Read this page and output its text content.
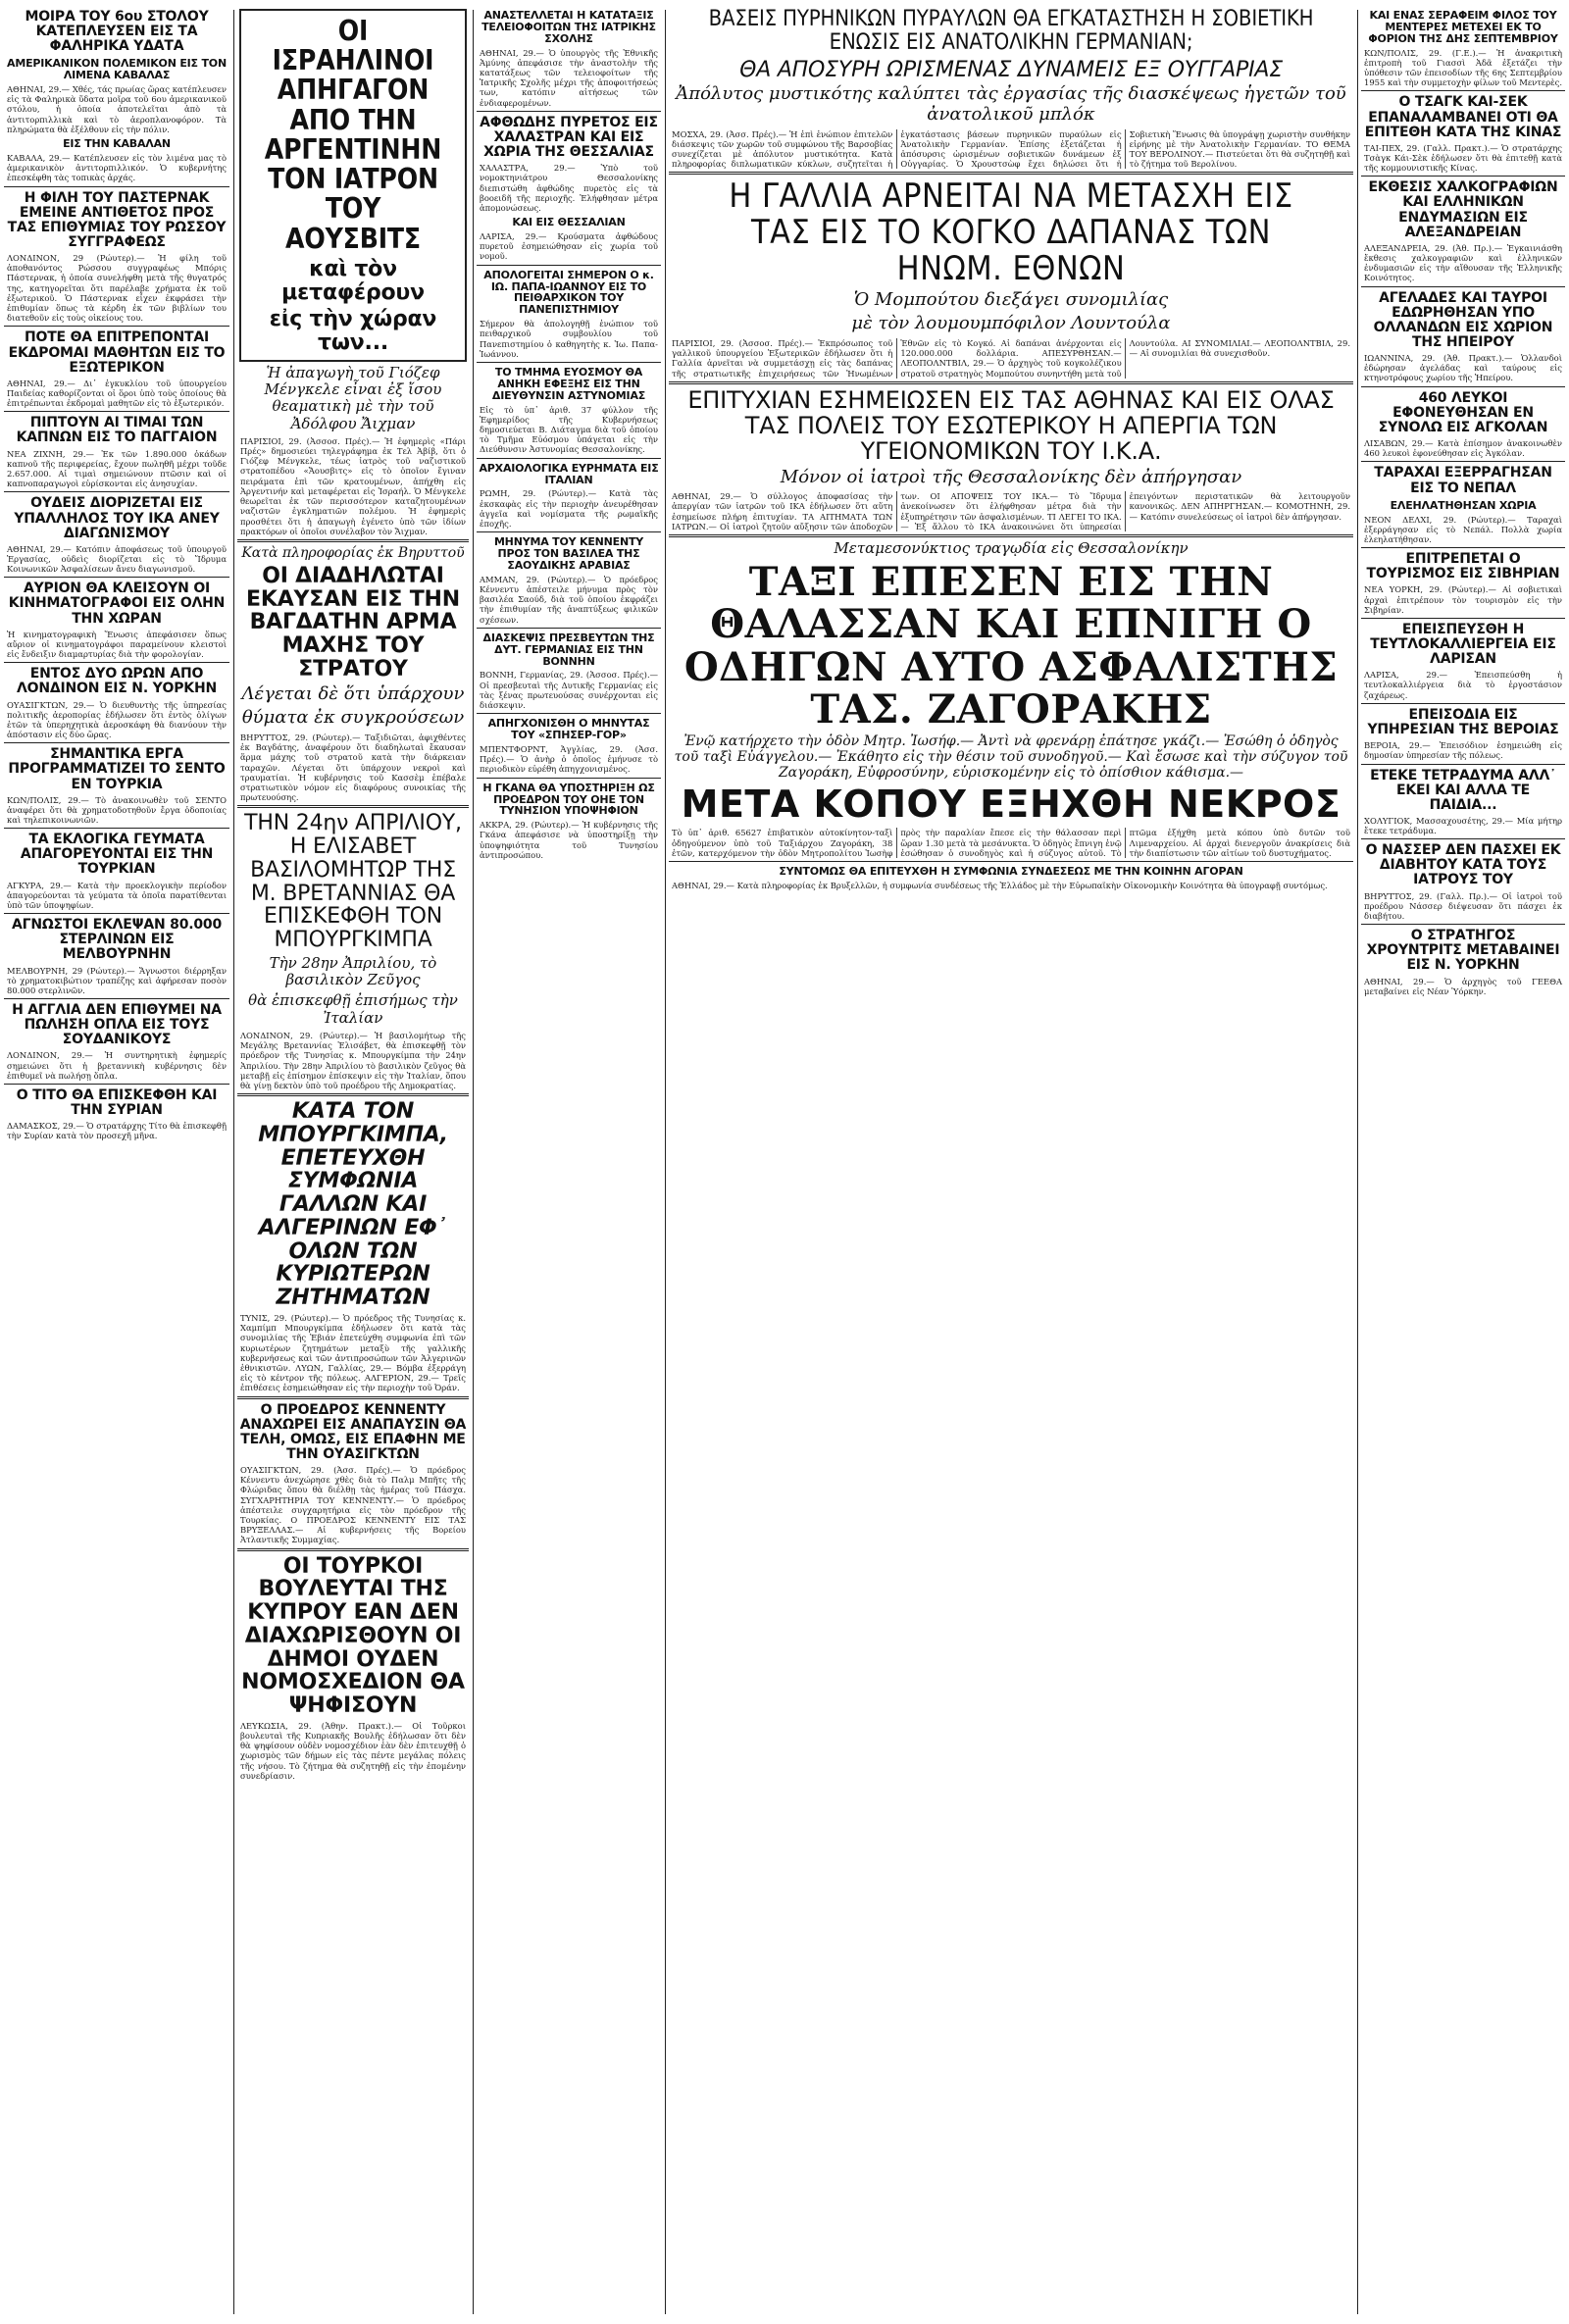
ΜΟΙΡΑ ΤΟΥ 6ου ΣΤΟΛΟΥ ΚΑΤΕΠΛΕΥΣΕΝ ΕΙΣ ΤΑ ΦΑΛΗΡΙΚΑ ΥΔΑΤΑ
ΑΜΕΡΙΚΑΝΙΚΟΝ ΠΟΛΕΜΙΚΟΝ ΕΙΣ ΤΟΝ ΛΙΜΕΝΑ ΚΑΒΑΛΑΣ
ΑΘΗΝΑΙ, 29.— Χθές, τάς πρωίας ὥρας κατέπλευσεν εἰς τὰ Φαληρικὰ ὕδατα μοῖρα τοῦ 6ου ἀμερικανικοῦ στόλου, ἡ ὁποία ἀποτελεῖται ἀπὸ τὰ ἀντιτορπιλλικὰ καὶ τὸ ἀεροπλανοφόρον. Τὰ πληρώματα θὰ ἐξέλθουν εἰς τὴν πόλιν.
ΕΙΣ ΤΗΝ ΚΑΒΑΛΑΝ
ΚΑΒΑΛΑ, 29.— Κατέπλευσεν εἰς τὸν λιμένα μας τὸ ἀμερικανικὸν ἀντιτορπιλλικόν. Ὁ κυβερνήτης ἐπεσκέφθη τὰς τοπικὰς ἀρχάς.
Η ΦΙΛΗ ΤΟΥ ΠΑΣΤΕΡΝΑΚ ΕΜΕΙΝΕ ΑΝΤΙΘΕΤΟΣ ΠΡΟΣ ΤΑΣ ΕΠΙΘΥΜΙΑΣ ΤΟΥ ΡΩΣΣΟΥ ΣΥΓΓΡΑΦΕΩΣ
ΛΟΝΔΙΝΟΝ, 29 (Ρώυτερ).— Ἡ φίλη τοῦ ἀποθανόντος Ρώσσου συγγραφέως Μπόρις Πάστερνακ, ἡ ὁποία συνελήφθη μετὰ τῆς θυγατρός της, κατηγορεῖται ὅτι παρέλαβε χρήματα ἐκ τοῦ ἐξωτερικοῦ. Ὁ Πάστερνακ εἶχεν ἐκφράσει τὴν ἐπιθυμίαν ὅπως τὰ κέρδη ἐκ τῶν βιβλίων του διατεθοῦν εἰς τοὺς οἰκείους του.
ΠΟΤΕ ΘΑ ΕΠΙΤΡΕΠΟΝΤΑΙ ΕΚΔΡΟΜΑΙ ΜΑΘΗΤΩΝ ΕΙΣ ΤΟ ΕΞΩΤΕΡΙΚΟΝ
ΑΘΗΝΑΙ, 29.— Δι᾽ ἐγκυκλίου τοῦ ὑπουργείου Παιδείας καθορίζονται οἱ ὅροι ὑπὸ τοὺς ὁποίους θὰ ἐπιτρέπωνται ἐκδρομαὶ μαθητῶν εἰς τὸ ἐξωτερικόν.
ΠΙΠΤΟΥΝ ΑΙ ΤΙΜΑΙ ΤΩΝ ΚΑΠΝΩΝ ΕΙΣ ΤΟ ΠΑΓΓΑΙΟΝ
ΝΕΑ ΖΙΧΝΗ, 29.— Ἐκ τῶν 1.890.000 ὀκάδων καπνοῦ τῆς περιφερείας, ἔχουν πωληθῆ μέχρι τοῦδε 2.657.000. Αἱ τιμαὶ σημειώνουν πτῶσιν καὶ οἱ καπνοπαραγωγοὶ εὑρίσκονται εἰς ἀνησυχίαν.
ΟΥΔΕΙΣ ΔΙΟΡΙΖΕΤΑΙ ΕΙΣ ΥΠΑΛΛΗΛΟΣ ΤΟΥ ΙΚΑ ΑΝΕΥ ΔΙΑΓΩΝΙΣΜΟΥ
ΑΘΗΝΑΙ, 29.— Κατόπιν ἀποφάσεως τοῦ ὑπουργοῦ Ἐργασίας, οὐδεὶς διορίζεται εἰς τὸ Ἵδρυμα Κοινωνικῶν Ἀσφαλίσεων ἄνευ διαγωνισμοῦ.
ΑΥΡΙΟΝ ΘΑ ΚΛΕΙΣΟΥΝ ΟΙ ΚΙΝΗΜΑΤΟΓΡΑΦΟΙ ΕΙΣ ΟΛΗΝ ΤΗΝ ΧΩΡΑΝ
Ἡ κινηματογραφικὴ Ἕνωσις ἀπεφάσισεν ὅπως αὔριον οἱ κινηματογράφοι παραμείνουν κλειστοὶ εἰς ἔνδειξιν διαμαρτυρίας διὰ τὴν φορολογίαν.
ΕΝΤΟΣ ΔΥΟ ΩΡΩΝ ΑΠΟ ΛΟΝΔΙΝΟΝ ΕΙΣ Ν. ΥΟΡΚΗΝ
ΟΥΑΣΙΓΚΤΩΝ, 29.— Ὁ διευθυντὴς τῆς ὑπηρεσίας πολιτικῆς ἀεροπορίας ἐδήλωσεν ὅτι ἐντὸς ὀλίγων ἐτῶν τὰ ὑπερηχητικὰ ἀεροσκάφη θὰ διανύουν τὴν ἀπόστασιν εἰς δύο ὥρας.
ΣΗΜΑΝΤΙΚΑ ΕΡΓΑ ΠΡΟΓΡΑΜΜΑΤΙΖΕΙ ΤΟ ΣΕΝΤΟ ΕΝ ΤΟΥΡΚΙΑ
ΚΩΝ/ΠΟΛΙΣ, 29.— Τὸ ἀνακοινωθὲν τοῦ ΣΕΝΤΟ ἀναφέρει ὅτι θὰ χρηματοδοτηθοῦν ἔργα ὁδοποιίας καὶ τηλεπικοινωνιῶν.
ΤΑ ΕΚΛΟΓΙΚΑ ΓΕΥΜΑΤΑ ΑΠΑΓΟΡΕΥΟΝΤΑΙ ΕΙΣ ΤΗΝ ΤΟΥΡΚΙΑΝ
ΑΓΚΥΡΑ, 29.— Κατὰ τὴν προεκλογικὴν περίοδον ἀπαγορεύονται τὰ γεύματα τὰ ὁποῖα παρατίθενται ὑπὸ τῶν ὑποψηφίων.
ΑΓΝΩΣΤΟΙ ΕΚΛΕΨΑΝ 80.000 ΣΤΕΡΛΙΝΩΝ ΕΙΣ ΜΕΛΒΟΥΡΝΗΝ
ΜΕΛΒΟΥΡΝΗ, 29 (Ρώυτερ).— Ἄγνωστοι διέρρηξαν τὸ χρηματοκιβώτιον τραπέζης καὶ ἀφήρεσαν ποσὸν 80.000 στερλινῶν.
Η ΑΓΓΛΙΑ ΔΕΝ ΕΠΙΘΥΜΕΙ ΝΑ ΠΩΛΗΣΗ ΟΠΛΑ ΕΙΣ ΤΟΥΣ ΣΟΥΔΑΝΙΚΟΥΣ
ΛΟΝΔΙΝΟΝ, 29.— Ἡ συντηρητικὴ ἐφημερίς σημειώνει ὅτι ἡ βρεταννικὴ κυβέρνησις δὲν ἐπιθυμεῖ νὰ πωλήσῃ ὅπλα.
Ο ΤΙΤΟ ΘΑ ΕΠΙΣΚΕΦΘΗ ΚΑΙ ΤΗΝ ΣΥΡΙΑΝ
ΔΑΜΑΣΚΟΣ, 29.— Ὁ στρατάρχης Τίτο θὰ ἐπισκεφθῇ τὴν Συρίαν κατὰ τὸν προσεχῆ μῆνα.
ΟΙ ΙΣΡΑΗΛΙΝΟΙ ΑΠΗΓΑΓΟΝ ΑΠΟ ΤΗΝ ΑΡΓΕΝΤΙΝΗΝ ΤΟΝ ΙΑΤΡΟΝ ΤΟΥ ΑΟΥΣΒΙΤΣ
καὶ τὸν μεταφέρουν
εἰς τὴν χώραν των...
Ἡ ἀπαγωγὴ τοῦ Γιόζεφ Μένγκελε εἶναι ἐξ ἴσου θεαματικὴ μὲ τὴν τοῦ Ἀδόλφου Ἄιχμαν
ΠΑΡΙΣΙΟΙ, 29. (Ἀσσοσ. Πρές).— Ἡ ἐφημερὶς «Πάρι Πρές» δημοσιεύει τηλεγράφημα ἐκ Τελ Ἀβίβ, ὅτι ὁ Γιόζεφ Μένγκελε, τέως ἰατρὸς τοῦ ναζιστικοῦ στρατοπέδου «Ἄουσβιτς» εἰς τὸ ὁποῖον ἔγιναν πειράματα ἐπὶ τῶν κρατουμένων, ἀπήχθη εἰς Ἀργεντινήν καὶ μεταφέρεται εἰς Ἰσραήλ. Ὁ Μένγκελε θεωρεῖται ἐκ τῶν περισσότερον καταζητουμένων ναζιστῶν ἐγκληματιῶν πολέμου. Ἡ ἐφημερὶς προσθέτει ὅτι ἡ ἀπαγωγὴ ἐγένετο ὑπὸ τῶν ἰδίων πρακτόρων οἱ ὁποῖοι συνέλαβον τὸν Ἄιχμαν.
Κατὰ πληροφορίας ἐκ Βηρυττοῦ
ΟΙ ΔΙΑΔΗΛΩΤΑΙ ΕΚΑΥΣΑΝ ΕΙΣ ΤΗΝ ΒΑΓΔΑΤΗΝ ΑΡΜΑ ΜΑΧΗΣ ΤΟΥ ΣΤΡΑΤΟΥ
Λέγεται δὲ ὅτι ὑπάρχουν
θύματα ἐκ συγκρούσεων
ΒΗΡΥΤΤΟΣ, 29. (Ρώυτερ).— Ταξιδιῶται, ἀφιχθέντες ἐκ Βαγδάτης, ἀναφέρουν ὅτι διαδηλωταὶ ἔκαυσαν ἅρμα μάχης τοῦ στρατοῦ κατὰ τὴν διάρκειαν ταραχῶν. Λέγεται ὅτι ὑπάρχουν νεκροὶ καὶ τραυματίαι. Ἡ κυβέρνησις τοῦ Κασσὲμ ἐπέβαλε στρατιωτικὸν νόμον εἰς διαφόρους συνοικίας τῆς πρωτευούσης.
ΤΗΝ 24ην ΑΠΡΙΛΙΟΥ, Η ΕΛΙΣΑΒΕΤ ΒΑΣΙΛΟΜΗΤΩΡ ΤΗΣ Μ. ΒΡΕΤΑΝΝΙΑΣ ΘΑ ΕΠΙΣΚΕΦΘΗ ΤΟΝ ΜΠΟΥΡΓΚΙΜΠΑ
Τὴν 28ην Ἀπριλίου, τὸ βασιλικὸν Ζεῦγος
θὰ ἐπισκεφθῇ ἐπισήμως τὴν Ἰταλίαν
ΛΟΝΔΙΝΟΝ, 29. (Ρώυτερ).— Ἡ βασιλομήτωρ τῆς Μεγάλης Βρεταννίας Ἐλισάβετ, θὰ ἐπισκεφθῇ τὸν πρόεδρον τῆς Τυνησίας κ. Μπουργκίμπα τὴν 24ην Ἀπριλίου. Τὴν 28ην Ἀπριλίου τὸ βασιλικὸν ζεῦγος θὰ μεταβῇ εἰς ἐπίσημον ἐπίσκεψιν εἰς τὴν Ἰταλίαν, ὅπου θὰ γίνῃ δεκτὸν ὑπὸ τοῦ προέδρου τῆς Δημοκρατίας.
ΚΑΤΑ ΤΟΝ ΜΠΟΥΡΓΚΙΜΠΑ, ΕΠΕΤΕΥΧΘΗ ΣΥΜΦΩΝΙΑ ΓΑΛΛΩΝ ΚΑΙ ΑΛΓΕΡΙΝΩΝ ΕΦ᾽ ΟΛΩΝ ΤΩΝ ΚΥΡΙΩΤΕΡΩΝ ΖΗΤΗΜΑΤΩΝ
ΤΥΝΙΣ, 29. (Ρώυτερ).— Ὁ πρόεδρος τῆς Τυνησίας κ. Χαμπίμπ Μπουργκίμπα ἐδήλωσεν ὅτι κατὰ τὰς συνομιλίας τῆς Ἐβιάν ἐπετεύχθη συμφωνία ἐπὶ τῶν κυριωτέρων ζητημάτων μεταξὺ τῆς γαλλικῆς κυβερνήσεως καὶ τῶν ἀντιπροσώπων τῶν Ἀλγερινῶν ἐθνικιστῶν. ΛΥΩΝ, Γαλλίας, 29.— Βόμβα ἐξερράγη εἰς τὸ κέντρον τῆς πόλεως. ΑΛΓΕΡΙΟΝ, 29.— Τρεῖς ἐπιθέσεις ἐσημειώθησαν εἰς τὴν περιοχὴν τοῦ Ὀράν.
Ο ΠΡΟΕΔΡΟΣ ΚΕΝΝΕΝΤΥ ΑΝΑΧΩΡΕΙ ΕΙΣ ΑΝΑΠΑΥΣΙΝ ΘΑ ΤΕΛΗ, ΟΜΩΣ, ΕΙΣ ΕΠΑΦΗΝ ΜΕ ΤΗΝ ΟΥΑΣΙΓΚΤΩΝ
ΟΥΑΣΙΓΚΤΩΝ, 29. (Ἀσσ. Πρές).— Ὁ πρόεδρος Κέννεντυ ἀνεχώρησε χθὲς διὰ τὸ Παλμ Μπῆτς τῆς Φλώριδας ὅπου θὰ διέλθῃ τὰς ἡμέρας τοῦ Πάσχα. ΣΥΓΧΑΡΗΤΗΡΙΑ ΤΟΥ ΚΕΝΝΕΝΤΥ.— Ὁ πρόεδρος ἀπέστειλε συγχαρητήρια εἰς τὸν πρόεδρον τῆς Τουρκίας. Ο ΠΡΟΕΔΡΟΣ ΚΕΝΝΕΝΤΥ ΕΙΣ ΤΑΣ ΒΡΥΞΕΛΛΑΣ.— Αἱ κυβερνήσεις τῆς Βορείου Ἀτλαντικῆς Συμμαχίας.
ΟΙ ΤΟΥΡΚΟΙ ΒΟΥΛΕΥΤΑΙ ΤΗΣ ΚΥΠΡΟΥ ΕΑΝ ΔΕΝ ΔΙΑΧΩΡΙΣΘΟΥΝ ΟΙ ΔΗΜΟΙ ΟΥΔΕΝ ΝΟΜΟΣΧΕΔΙΟΝ ΘΑ ΨΗΦΙΣΟΥΝ
ΛΕΥΚΩΣΙΑ, 29. (Ἀθην. Πρακτ.).— Οἱ Τοῦρκοι βουλευταὶ τῆς Κυπριακῆς Βουλῆς ἐδήλωσαν ὅτι δὲν θὰ ψηφίσουν οὐδὲν νομοσχέδιον ἐὰν δὲν ἐπιτευχθῇ ὁ χωρισμὸς τῶν δήμων εἰς τὰς πέντε μεγάλας πόλεις τῆς νήσου. Τὸ ζήτημα θὰ συζητηθῇ εἰς τὴν ἐπομένην συνεδρίασιν.
ΑΝΑΣΤΕΛΛΕΤΑΙ Η ΚΑΤΑΤΑΞΙΣ ΤΕΛΕΙΟΦΟΙΤΩΝ ΤΗΣ ΙΑΤΡΙΚΗΣ ΣΧΟΛΗΣ
ΑΘΗΝΑΙ, 29.— Ὁ ὑπουργὸς τῆς Ἐθνικῆς Ἀμύνης ἀπεφάσισε τὴν ἀναστολὴν τῆς κατατάξεως τῶν τελειοφοίτων τῆς Ἰατρικῆς Σχολῆς μέχρι τῆς ἀποφοιτήσεώς των, κατόπιν αἰτήσεως τῶν ἐνδιαφερομένων.
ΑΦΘΩΔΗΣ ΠΥΡΕΤΟΣ ΕΙΣ ΧΑΛΑΣΤΡΑΝ ΚΑΙ ΕΙΣ ΧΩΡΙΑ ΤΗΣ ΘΕΣΣΑΛΙΑΣ
ΧΑΛΑΣΤΡΑ, 29.— Ὑπὸ τοῦ νομοκτηνιάτρου Θεσσαλονίκης διεπιστώθη ἀφθώδης πυρετὸς εἰς τὰ βοοειδῆ τῆς περιοχῆς. Ἐλήφθησαν μέτρα ἀπομονώσεως.
ΚΑΙ ΕΙΣ ΘΕΣΣΑΛΙΑΝ
ΛΑΡΙΣΑ, 29.— Κρούσματα ἀφθώδους πυρετοῦ ἐσημειώθησαν εἰς χωρία τοῦ νομοῦ.
ΑΠΟΛΟΓΕΙΤΑΙ ΣΗΜΕΡΟΝ Ο κ. ΙΩ. ΠΑΠΑ-ΙΩΑΝΝΟΥ ΕΙΣ ΤΟ ΠΕΙΘΑΡΧΙΚΟΝ ΤΟΥ ΠΑΝΕΠΙΣΤΗΜΙΟΥ
Σήμερον θὰ ἀπολογηθῇ ἐνώπιον τοῦ πειθαρχικοῦ συμβουλίου τοῦ Πανεπιστημίου ὁ καθηγητὴς κ. Ἰω. Παπα-Ἰωάννου.
ΤΟ ΤΜΗΜΑ ΕΥΟΣΜΟΥ ΘΑ ΑΝΗΚΗ ΕΦΕΞΗΣ ΕΙΣ ΤΗΝ ΔΙΕΥΘΥΝΣΙΝ ΑΣΤΥΝΟΜΙΑΣ
Εἰς τὸ ὑπ᾽ ἀριθ. 37 φύλλον τῆς Ἐφημερίδος τῆς Κυβερνήσεως δημοσιεύεται Β. Διάταγμα διὰ τοῦ ὁποίου τὸ Τμῆμα Εὐόσμου ὑπάγεται εἰς τὴν Διεύθυνσιν Ἀστυνομίας Θεσσαλονίκης.
ΑΡΧΑΙΟΛΟΓΙΚΑ ΕΥΡΗΜΑΤΑ ΕΙΣ ΙΤΑΛΙΑΝ
ΡΩΜΗ, 29. (Ρώυτερ).— Κατὰ τὰς ἐκσκαφὰς εἰς τὴν περιοχὴν ἀνευρέθησαν ἀγγεῖα καὶ νομίσματα τῆς ρωμαϊκῆς ἐποχῆς.
ΜΗΝΥΜΑ ΤΟΥ ΚΕΝΝΕΝΤΥ ΠΡΟΣ ΤΟΝ ΒΑΣΙΛΕΑ ΤΗΣ ΣΑΟΥΔΙΚΗΣ ΑΡΑΒΙΑΣ
ΑΜΜΑΝ, 29. (Ρώυτερ).— Ὁ πρόεδρος Κέννεντυ ἀπέστειλε μήνυμα πρὸς τὸν βασιλέα Σαούδ, διὰ τοῦ ὁποίου ἐκφράζει τὴν ἐπιθυμίαν τῆς ἀναπτύξεως φιλικῶν σχέσεων.
ΔΙΑΣΚΕΨΙΣ ΠΡΕΣΒΕΥΤΩΝ ΤΗΣ ΔΥΤ. ΓΕΡΜΑΝΙΑΣ ΕΙΣ ΤΗΝ ΒΟΝΝΗΝ
ΒΟΝΝΗ, Γερμανίας, 29. (Ἀσσοσ. Πρές).— Οἱ πρεσβευταὶ τῆς Δυτικῆς Γερμανίας εἰς τὰς ξένας πρωτευούσας συνέρχονται εἰς διάσκεψιν.
ΑΠΗΓΧΟΝΙΣΘΗ Ο ΜΗΝΥΤΑΣ ΤΟΥ «ΣΠΗΣΕΡ-ΓΟΡ»
ΜΠΕΝΤΦΟΡΝΤ, Ἀγγλίας, 29. (Ἀσσ. Πρές).— Ὁ ἀνὴρ ὁ ὁποῖος ἐμήνυσε τὸ περιοδικὸν εὑρέθη ἀπηγχονισμένος.
Η ΓΚΑΝΑ ΘΑ ΥΠΟΣΤΗΡΙΞΗ ΩΣ ΠΡΟΕΔΡΟΝ ΤΟΥ ΟΗΕ ΤΟΝ ΤΥΝΗΣΙΟΝ ΥΠΟΨΗΦΙΟΝ
ΑΚΚΡΑ, 29. (Ρώυτερ).— Ἡ κυβέρνησις τῆς Γκάνα ἀπεφάσισε νὰ ὑποστηρίξῃ τὴν ὑποψηφιότητα τοῦ Τυνησίου ἀντιπροσώπου.
ΒΑΣΕΙΣ ΠΥΡΗΝΙΚΩΝ ΠΥΡΑΥΛΩΝ ΘΑ ΕΓΚΑΤΑΣΤΗΣΗ Η ΣΟΒΙΕΤΙΚΗ ΕΝΩΣΙΣ ΕΙΣ ΑΝΑΤΟΛΙΚΗΝ ΓΕΡΜΑΝΙΑΝ;
ΘΑ ΑΠΟΣΥΡΗ ΩΡΙΣΜΕΝΑΣ ΔΥΝΑΜΕΙΣ ΕΞ ΟΥΓΓΑΡΙΑΣ
Ἀπόλυτος μυστικότης καλύπτει τὰς ἐργασίας τῆς διασκέψεως ἡγετῶν τοῦ ἀνατολικοῦ μπλόκ
ΜΟΣΧΑ, 29. (Ἀσσ. Πρές).— Ἡ ἐπὶ ἑνώπιον ἐπιτελῶν διάσκεψις τῶν χωρῶν τοῦ συμφώνου τῆς Βαρσοβίας συνεχίζεται μὲ ἀπόλυτον μυστικότητα. Κατὰ πληροφορίας διπλωματικῶν κύκλων, συζητεῖται ἡ ἐγκατάστασις βάσεων πυρηνικῶν πυραύλων εἰς Ἀνατολικὴν Γερμανίαν. Ἐπίσης ἐξετάζεται ἡ ἀπόσυρσις ὡρισμένων σοβιετικῶν δυνάμεων ἐξ Οὐγγαρίας. Ὁ Χρουστσὼφ ἔχει δηλώσει ὅτι ἡ Σοβιετικὴ Ἕνωσις θὰ ὑπογράψῃ χωριστὴν συνθήκην εἰρήνης μὲ τὴν Ἀνατολικὴν Γερμανίαν. ΤΟ ΘΕΜΑ ΤΟΥ ΒΕΡΟΛΙΝΟΥ.— Πιστεύεται ὅτι θὰ συζητηθῇ καὶ τὸ ζήτημα τοῦ Βερολίνου.
Η ΓΑΛΛΙΑ ΑΡΝΕΙΤΑΙ ΝΑ ΜΕΤΑΣΧΗ ΕΙΣ ΤΑΣ ΕΙΣ ΤΟ ΚΟΓΚΟ ΔΑΠΑΝΑΣ ΤΩΝ ΗΝΩΜ. ΕΘΝΩΝ
Ὁ Μομπούτου διεξάγει συνομιλίας
μὲ τὸν λουμουμπόφιλον Λουντούλα
ΠΑΡΙΣΙΟΙ, 29. (Ἀσσοσ. Πρές).— Ἐκπρόσωπος τοῦ γαλλικοῦ ὑπουργείου Ἐξωτερικῶν ἐδήλωσεν ὅτι ἡ Γαλλία ἀρνεῖται νὰ συμμετάσχῃ εἰς τὰς δαπάνας τῆς στρατιωτικῆς ἐπιχειρήσεως τῶν Ἡνωμένων Ἐθνῶν εἰς τὸ Κογκό. Αἱ δαπάναι ἀνέρχονται εἰς 120.000.000 δολλάρια. ΑΠΕΣΥΡΘΗΣΑΝ.— ΛΕΟΠΟΛΝΤΒΙΛ, 29.— Ὁ ἀρχηγὸς τοῦ κογκολέζικου στρατοῦ στρατηγὸς Μομπούτου συνηντήθη μετὰ τοῦ Λουντούλα. ΑΙ ΣΥΝΟΜΙΛΙΑΙ.— ΛΕΟΠΟΛΝΤΒΙΛ, 29.— Αἱ συνομιλίαι θὰ συνεχισθοῦν.
ΕΠΙΤΥΧΙΑΝ ΕΣΗΜΕΙΩΣΕΝ ΕΙΣ ΤΑΣ ΑΘΗΝΑΣ ΚΑΙ ΕΙΣ ΟΛΑΣ ΤΑΣ ΠΟΛΕΙΣ ΤΟΥ ΕΣΩΤΕΡΙΚΟΥ Η ΑΠΕΡΓΙΑ ΤΩΝ ΥΓΕΙΟΝΟΜΙΚΩΝ ΤΟΥ Ι.Κ.Α.
Μόνον οἱ ἰατροὶ τῆς Θεσσαλονίκης δὲν ἀπήργησαν
ΑΘΗΝΑΙ, 29.— Ὁ σύλλογος ἀποφασίσας τὴν ἀπεργίαν τῶν ἰατρῶν τοῦ ΙΚΑ ἐδήλωσεν ὅτι αὕτη ἐσημείωσε πλήρη ἐπιτυχίαν. ΤΑ ΑΙΤΗΜΑΤΑ ΤΩΝ ΙΑΤΡΩΝ.— Οἱ ἰατροὶ ζητοῦν αὔξησιν τῶν ἀποδοχῶν των. ΟΙ ΑΠΟΨΕΙΣ ΤΟΥ ΙΚΑ.— Τὸ Ἵδρυμα ἀνεκοίνωσεν ὅτι ἐλήφθησαν μέτρα διὰ τὴν ἐξυπηρέτησιν τῶν ἀσφαλισμένων. ΤΙ ΛΕΓΕΙ ΤΟ ΙΚΑ.— Ἐξ ἄλλου τὸ ΙΚΑ ἀνακοινώνει ὅτι ὑπηρεσίαι ἐπειγόντων περιστατικῶν θὰ λειτουργοῦν κανονικῶς. ΔΕΝ ΑΠΗΡΓΗΣΑΝ.— ΚΟΜΟΤΗΝΗ, 29.— Κατόπιν συνελεύσεως οἱ ἰατροὶ δὲν ἀπήργησαν.
Μεταμεσονύκτιος τραγῳδία εἰς Θεσσαλονίκην
ΤΑΞΙ ΕΠΕΣΕΝ ΕΙΣ ΤΗΝ ΘΑΛΑΣΣΑΝ ΚΑΙ ΕΠΝΙΓΗ Ο ΟΔΗΓΩΝ ΑΥΤΟ ΑΣΦΑΛΙΣΤΗΣ ΤΑΣ. ΖΑΓΟΡΑΚΗΣ
Ἐνῷ κατήρχετο τὴν ὁδὸν Μητρ. Ἰωσήφ.— Ἀντὶ νὰ φρενάρῃ ἐπάτησε γκάζι.— Ἐσώθη ὁ ὁδηγὸς τοῦ ταξὶ Εὐάγγελου.— Ἐκάθητο εἰς τὴν θέσιν τοῦ συνοδηγοῦ.— Καὶ ἔσωσε καὶ τὴν σύζυγον τοῦ Ζαγοράκη, Εὐφροσύνην, εὑρισκομένην εἰς τὸ ὀπίσθιον κάθισμα.—
ΜΕΤΑ ΚΟΠΟΥ ΕΞΗΧΘΗ ΝΕΚΡΟΣ
Τὸ ὑπ᾽ ἀριθ. 65627 ἐπιβατικὸν αὐτοκίνητον-ταξὶ ὁδηγούμενον ὑπὸ τοῦ Ταξιάρχου Ζαγοράκη, 38 ἐτῶν, κατερχόμενον τὴν ὁδὸν Μητροπολίτου Ἰωσὴφ πρὸς τὴν παραλίαν ἔπεσε εἰς τὴν θάλασσαν περὶ ὥραν 1.30 μετὰ τὰ μεσάνυκτα. Ὁ ὁδηγὸς ἔπνιγη ἐνῷ ἐσώθησαν ὁ συνοδηγὸς καὶ ἡ σύζυγος αὐτοῦ. Τὸ πτῶμα ἐξήχθη μετὰ κόπου ὑπὸ δυτῶν τοῦ Λιμεναρχείου. Αἱ ἀρχαὶ διενεργοῦν ἀνακρίσεις διὰ τὴν διαπίστωσιν τῶν αἰτίων τοῦ δυστυχήματος.
ΣΥΝΤΟΜΩΣ ΘΑ ΕΠΙΤΕΥΧΘΗ Η ΣΥΜΦΩΝΙΑ ΣΥΝΔΕΣΕΩΣ ΜΕ ΤΗΝ ΚΟΙΝΗΝ ΑΓΟΡΑΝ
ΑΘΗΝΑΙ, 29.— Κατὰ πληροφορίας ἐκ Βρυξελλῶν, ἡ συμφωνία συνδέσεως τῆς Ἑλλάδος μὲ τὴν Εὐρωπαϊκὴν Οἰκονομικὴν Κοινότητα θὰ ὑπογραφῇ συντόμως.
ΚΑΙ ΕΝΑΣ ΣΕΡΑΦΕΙΜ ΦΙΛΟΣ ΤΟΥ ΜΕΝΤΕΡΕΣ ΜΕΤΕΧΕΙ ΕΚ ΤΟ ΦΟΡΙΟΝ ΤΗΣ ΔΗΣ ΣΕΠΤΕΜΒΡΙΟΥ
ΚΩΝ/ΠΟΛΙΣ, 29. (Γ.Ε.).— Ἡ ἀνακριτικὴ ἐπιτροπὴ τοῦ Γιασσὶ Ἀδᾶ ἐξετάζει τὴν ὑπόθεσιν τῶν ἐπεισοδίων τῆς 6ης Σεπτεμβρίου 1955 καὶ τὴν συμμετοχὴν φίλων τοῦ Μεντερὲς.
Ο ΤΣΑΓΚ ΚΑΙ-ΣΕΚ ΕΠΑΝΑΛΑΜΒΑΝΕΙ ΟΤΙ ΘΑ ΕΠΙΤΕΘΗ ΚΑΤΑ ΤΗΣ ΚΙΝΑΣ
ΤΑΙ-ΠΕΧ, 29. (Γαλλ. Πρακτ.).— Ὁ στρατάρχης Τσὰγκ Κάι-Σὲκ ἐδήλωσεν ὅτι θὰ ἐπιτεθῇ κατὰ τῆς κομμουνιστικῆς Κίνας.
ΕΚΘΕΣΙΣ ΧΑΛΚΟΓΡΑΦΙΩΝ ΚΑΙ ΕΛΛΗΝΙΚΩΝ ΕΝΔΥΜΑΣΙΩΝ ΕΙΣ ΑΛΕΞΑΝΔΡΕΙΑΝ
ΑΛΕΞΑΝΔΡΕΙΑ, 29. (Ἀθ. Πρ.).— Ἐγκαινιάσθη ἔκθεσις χαλκογραφιῶν καὶ ἑλληνικῶν ἐνδυμασιῶν εἰς τὴν αἴθουσαν τῆς Ἑλληνικῆς Κοινότητος.
ΑΓΕΛΑΔΕΣ ΚΑΙ ΤΑΥΡΟΙ ΕΔΩΡΗΘΗΣΑΝ ΥΠΟ ΟΛΛΑΝΔΩΝ ΕΙΣ ΧΩΡΙΟΝ ΤΗΣ ΗΠΕΙΡΟΥ
ΙΩΑΝΝΙΝΑ, 29. (Ἀθ. Πρακτ.).— Ὁλλανδοὶ ἐδώρησαν ἀγελάδας καὶ ταύρους εἰς κτηνοτρόφους χωρίου τῆς Ἠπείρου.
460 ΛΕΥΚΟΙ ΕΦΟΝΕΥΘΗΣΑΝ ΕΝ ΣΥΝΟΛΩ ΕΙΣ ΑΓΚΟΛΑΝ
ΛΙΣΑΒΩΝ, 29.— Κατὰ ἐπίσημον ἀνακοινωθὲν 460 λευκοὶ ἐφονεύθησαν εἰς Ἀγκόλαν.
ΤΑΡΑΧΑΙ ΕΞΕΡΡΑΓΗΣΑΝ ΕΙΣ ΤΟ ΝΕΠΑΛ
ΕΛΕΗΛΑΤΗΘΗΣΑΝ ΧΩΡΙΑ
ΝΕΟΝ ΔΕΛΧΙ, 29. (Ρώυτερ).— Ταραχαὶ ἐξερράγησαν εἰς τὸ Νεπάλ. Πολλὰ χωρία ἐλεηλατήθησαν.
ΕΠΙΤΡΕΠΕΤΑΙ Ο ΤΟΥΡΙΣΜΟΣ ΕΙΣ ΣΙΒΗΡΙΑΝ
ΝΕΑ ΥΟΡΚΗ, 29. (Ρώυτερ).— Αἱ σοβιετικαὶ ἀρχαὶ ἐπιτρέπουν τὸν τουρισμὸν εἰς τὴν Σιβηρίαν.
ΕΠΕΙΣΠΕΥΣΘΗ Η ΤΕΥΤΛΟΚΑΛΛΙΕΡΓΕΙΑ ΕΙΣ ΛΑΡΙΣΑΝ
ΛΑΡΙΣΑ, 29.— Ἐπεισπεύσθη ἡ τευτλοκαλλιέργεια διὰ τὸ ἐργοστάσιον ζαχάρεως.
ΕΠΕΙΣΟΔΙΑ ΕΙΣ ΥΠΗΡΕΣΙΑΝ ΤΗΣ ΒΕΡΟΙΑΣ
ΒΕΡΟΙΑ, 29.— Ἐπεισόδιον ἐσημειώθη εἰς δημοσίαν ὑπηρεσίαν τῆς πόλεως.
ΕΤΕΚΕ ΤΕΤΡΑΔΥΜΑ ΑΛΛ᾽ ΕΚΕΙ ΚΑΙ ΑΛΛΑ ΤΕ ΠΑΙΔΙΑ...
ΧΟΛΥΓΙΟΚ, Μασσαχουσέτης, 29.— Μία μήτηρ ἔτεκε τετράδυμα.
Ο ΝΑΣΣΕΡ ΔΕΝ ΠΑΣΧΕΙ ΕΚ ΔΙΑΒΗΤΟΥ ΚΑΤΑ ΤΟΥΣ ΙΑΤΡΟΥΣ ΤΟΥ
ΒΗΡΥΤΤΟΣ, 29. (Γαλλ. Πρ.).— Οἱ ἰατροὶ τοῦ προέδρου Νάσσερ διέψευσαν ὅτι πάσχει ἐκ διαβήτου.
Ο ΣΤΡΑΤΗΓΟΣ ΧΡΟΥΝΤΡΙΤΣ ΜΕΤΑΒΑΙΝΕΙ ΕΙΣ Ν. ΥΟΡΚΗΝ
ΑΘΗΝΑΙ, 29.— Ὁ ἀρχηγὸς τοῦ ΓΕΕΘΑ μεταβαίνει εἰς Νέαν Ὑόρκην.
